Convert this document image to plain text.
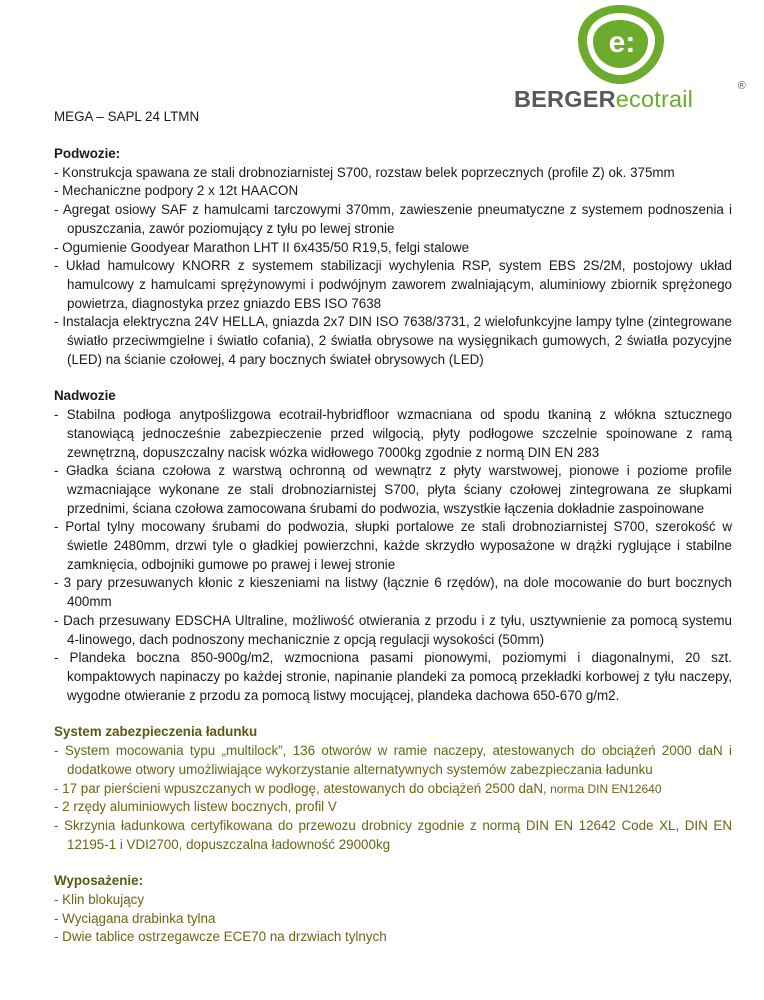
e:
BERGERecotrail	®

MEGA – SAPL 24 LTMN

Podwozie:

- Konstrukcja spawana ze stali drobnoziarnistej S700, rozstaw belek poprzecznych (profile Z) ok. 375mm
- Mechaniczne podpory 2 x 12t HAACON
- Agregat osiowy SAF z hamulcami tarczowymi 370mm, zawieszenie pneumatyczne z systemem podnoszenia i opuszczania, zawór poziomujący z tyłu po lewej stronie
- Ogumienie Goodyear Marathon LHT II 6x435/50 R19,5, felgi stalowe
- Układ hamulcowy KNORR z systemem stabilizacji wychylenia RSP, system EBS 2S/2M, postojowy układ hamulcowy z hamulcami sprężynowymi i podwójnym zaworem zwalniającym, aluminiowy zbiornik sprężonego powietrza, diagnostyka przez gniazdo EBS ISO 7638
- Instalacja elektryczna 24V HELLA, gniazda 2x7 DIN ISO 7638/3731, 2 wielofunkcyjne lampy tylne (zintegrowane światło przeciwmgielne i światło cofania), 2 światła obrysowe na wysięgnikach gumowych, 2 światła pozycyjne (LED) na ścianie czołowej, 4 pary bocznych świateł obrysowych (LED)

Nadwozie

- Stabilna podłoga anytpoślizgowa ecotrail-hybridfloor wzmacniana od spodu tkaniną z włókna sztucznego stanowiącą jednocześnie zabezpieczenie przed wilgocią, płyty podłogowe szczelnie spoinowane z ramą zewnętrzną, dopuszczalny nacisk wózka widłowego 7000kg zgodnie z normą DIN EN 283
- Gładka ściana czołowa z warstwą ochronną od wewnątrz z płyty warstwowej, pionowe i poziome profile wzmacniające wykonane ze stali drobnoziarnistej S700, płyta ściany czołowej zintegrowana ze słupkami przednimi, ściana czołowa zamocowana śrubami do podwozia, wszystkie łączenia dokładnie zaspoinowane
- Portal tylny mocowany śrubami do podwozia, słupki portalowe ze stali drobnoziarnistej S700, szerokość w świetle 2480mm, drzwi tyle o gładkiej powierzchni, każde skrzydło wyposażone w drążki ryglujące i stabilne zamknięcia, odbojniki gumowe po prawej i lewej stronie
- 3 pary przesuwanych kłonic z kieszeniami na listwy (łącznie 6 rzędów), na dole mocowanie do burt bocznych 400mm
- Dach przesuwany EDSCHA Ultraline, możliwość otwierania z przodu i z tyłu, usztywnienie za pomocą systemu 4-linowego, dach podnoszony mechanicznie z opcją regulacji wysokości (50mm)
- Plandeka boczna 850-900g/m2, wzmocniona pasami pionowymi, poziomymi i diagonalnymi, 20 szt. kompaktowych napinaczy po każdej stronie, napinanie plandeki za pomocą przekładki korbowej z tyłu naczepy, wygodne otwieranie z przodu za pomocą listwy mocującej, plandeka dachowa 650-670 g/m2.

System zabezpieczenia ładunku

- System mocowania typu „multilock”, 136 otworów w ramie naczepy, atestowanych do obciążeń 2000 daN i dodatkowe otwory umożliwiające wykorzystanie alternatywnych systemów zabezpieczania ładunku
- 17 par pierścieni wpuszczanych w podłogę, atestowanych do obciążeń 2500 daN, norma DIN EN12640
- 2 rzędy aluminiowych listew bocznych, profil V
- Skrzynia ładunkowa certyfikowana do przewozu drobnicy zgodnie z normą DIN EN 12642 Code XL, DIN EN 12195-1 i VDI2700, dopuszczalna ładowność 29000kg

Wyposażenie:

- Klin blokujący
- Wyciągana drabinka tylna
- Dwie tablice ostrzegawcze ECE70 na drzwiach tylnych
